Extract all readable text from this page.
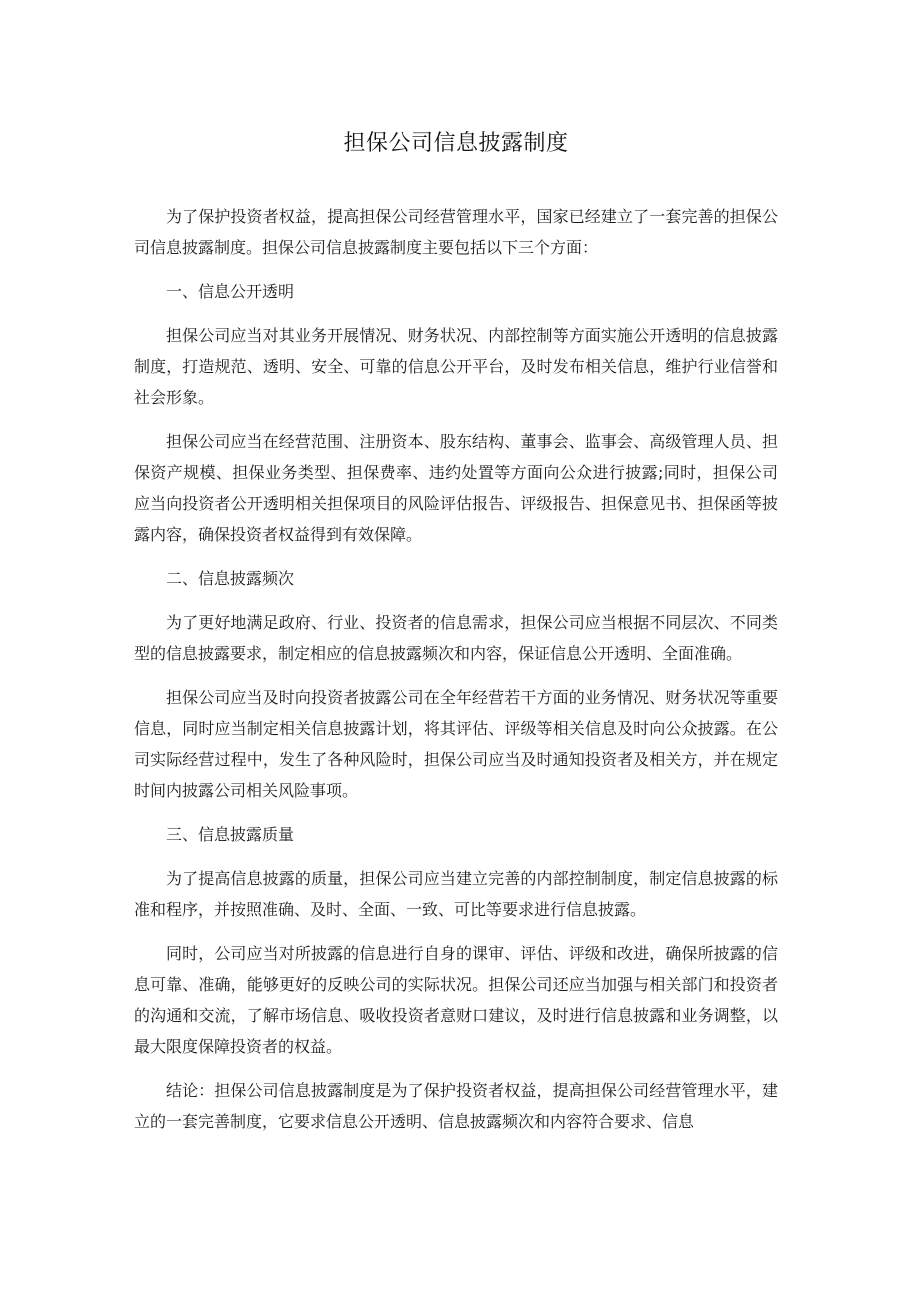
担保公司信息披露制度

为了保护投资者权益，提高担保公司经营管理水平，国家已经建立了一套完善的担保公司信息披露制度。担保公司信息披露制度主要包括以下三个方面：

一、信息公开透明

担保公司应当对其业务开展情况、财务状况、内部控制等方面实施公开透明的信息披露制度，打造规范、透明、安全、可靠的信息公开平台，及时发布相关信息，维护行业信誉和社会形象。

担保公司应当在经营范围、注册资本、股东结构、董事会、监事会、高级管理人员、担保资产规模、担保业务类型、担保费率、违约处置等方面向公众进行披露;同时，担保公司应当向投资者公开透明相关担保项目的风险评估报告、评级报告、担保意见书、担保函等披露内容，确保投资者权益得到有效保障。

二、信息披露频次

为了更好地满足政府、行业、投资者的信息需求，担保公司应当根据不同层次、不同类型的信息披露要求，制定相应的信息披露频次和内容，保证信息公开透明、全面准确。

担保公司应当及时向投资者披露公司在全年经营若干方面的业务情况、财务状况等重要信息，同时应当制定相关信息披露计划，将其评估、评级等相关信息及时向公众披露。在公司实际经营过程中，发生了各种风险时，担保公司应当及时通知投资者及相关方，并在规定时间内披露公司相关风险事项。

三、信息披露质量

为了提高信息披露的质量，担保公司应当建立完善的内部控制制度，制定信息披露的标准和程序，并按照准确、及时、全面、一致、可比等要求进行信息披露。

同时，公司应当对所披露的信息进行自身的课审、评估、评级和改进，确保所披露的信息可靠、准确，能够更好的反映公司的实际状况。担保公司还应当加强与相关部门和投资者的沟通和交流，了解市场信息、吸收投资者意财口建议，及时进行信息披露和业务调整，以最大限度保障投资者的权益。

结论：担保公司信息披露制度是为了保护投资者权益，提高担保公司经营管理水平，建立的一套完善制度，它要求信息公开透明、信息披露频次和内容符合要求、信息
